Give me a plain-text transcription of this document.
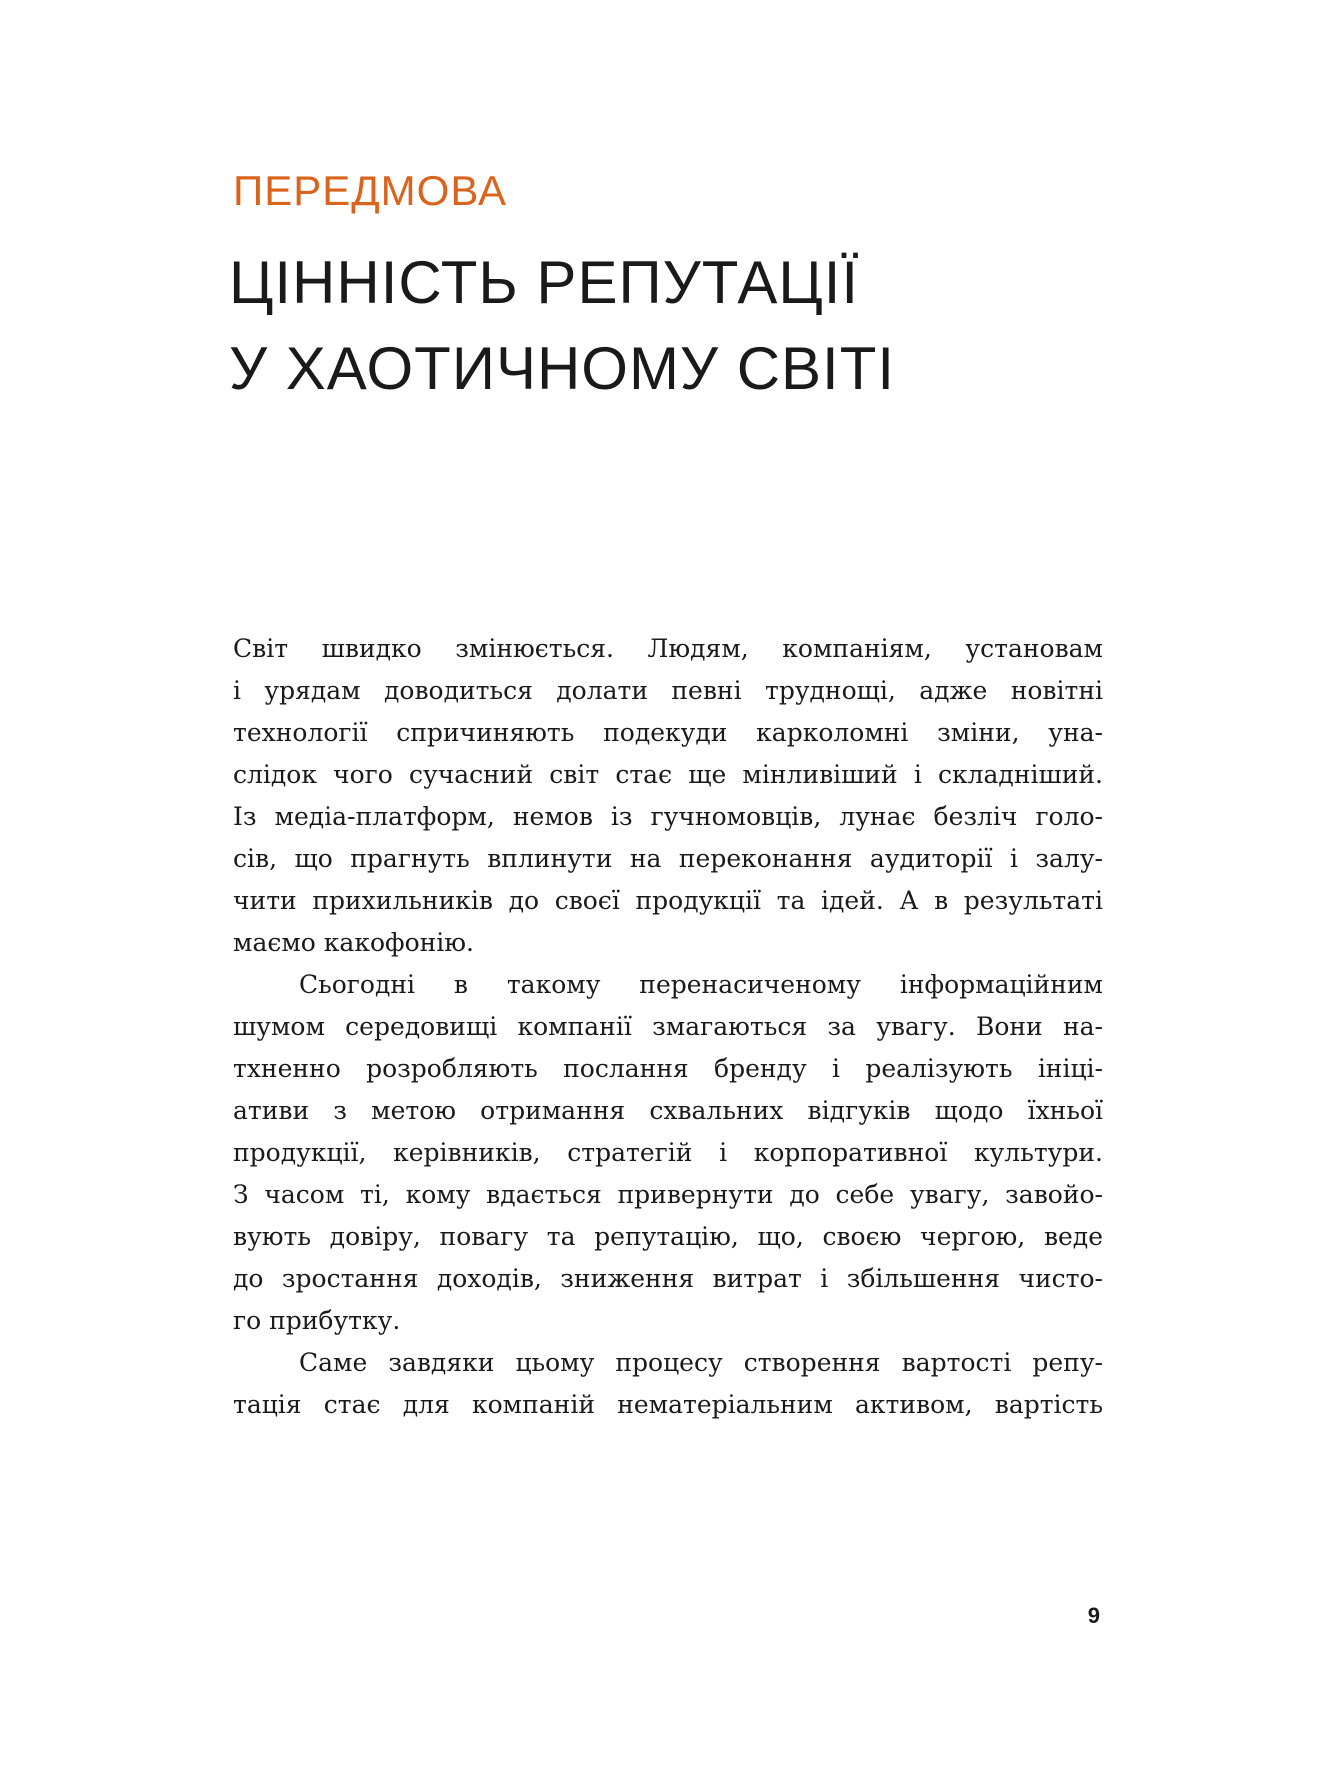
ПЕРЕДМОВА
ЦІННІСТЬ РЕПУТАЦІЇ
У ХАОТИЧНОМУ СВІТІ
Світ швидко змінюється. Людям, компаніям, установам
і урядам доводиться долати певні труднощі, адже новітні
технології спричиняють подекуди карколомні зміни, уна-
слідок чого сучасний світ стає ще мінливіший і складніший.
Із медіа-платформ, немов із гучномовців, лунає безліч голо-
сів, що прагнуть вплинути на переконання аудиторії і залу-
чити прихильників до своєї продукції та ідей. А в результаті
маємо какофонію.
Сьогодні в такому перенасиченому інформаційним
шумом середовищі компанії змагаються за увагу. Вони на-
тхненно розробляють послання бренду і реалізують ініці-
ативи з метою отримання схвальних відгуків щодо їхньої
продукції, керівників, стратегій і корпоративної культури.
З часом ті, кому вдається привернути до себе увагу, завойо-
вують довіру, повагу та репутацію, що, своєю чергою, веде
до зростання доходів, зниження витрат і збільшення чисто-
го прибутку.
Саме завдяки цьому процесу створення вартості репу-
тація стає для компаній нематеріальним активом, вартість
9
